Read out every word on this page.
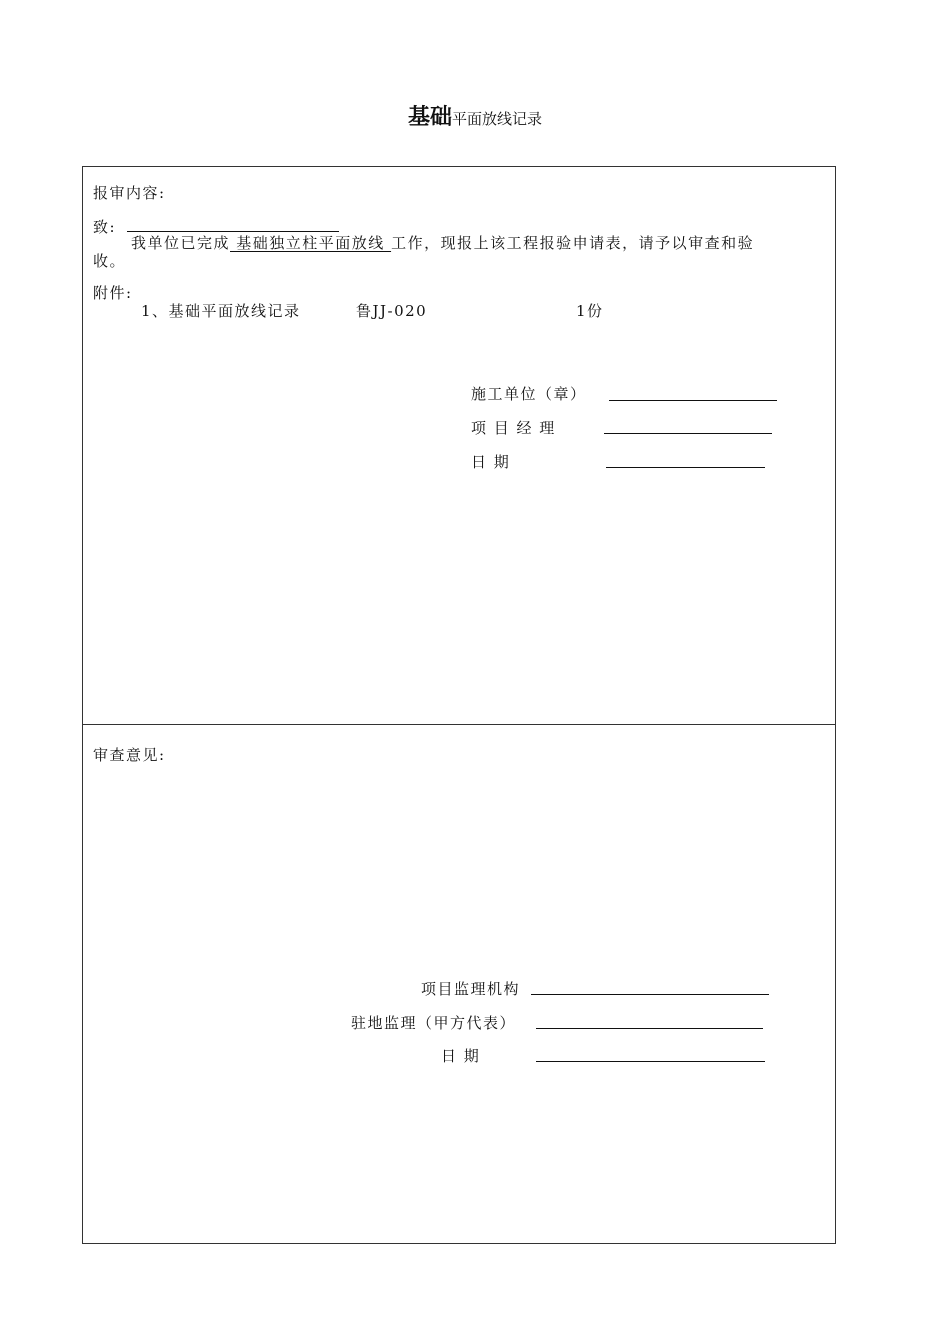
基础平面放线记录
报审内容:
致:
我单位已完成 基础独立柱平面放线 工作，现报上该工程报验申请表，请予以审查和验
收。
附件:
1、基础平面放线记录	鲁JJ-020	1份
施工单位（章）
项 目 经 理
日 期
审查意见:
项目监理机构
驻地监理（甲方代表）
日 期
